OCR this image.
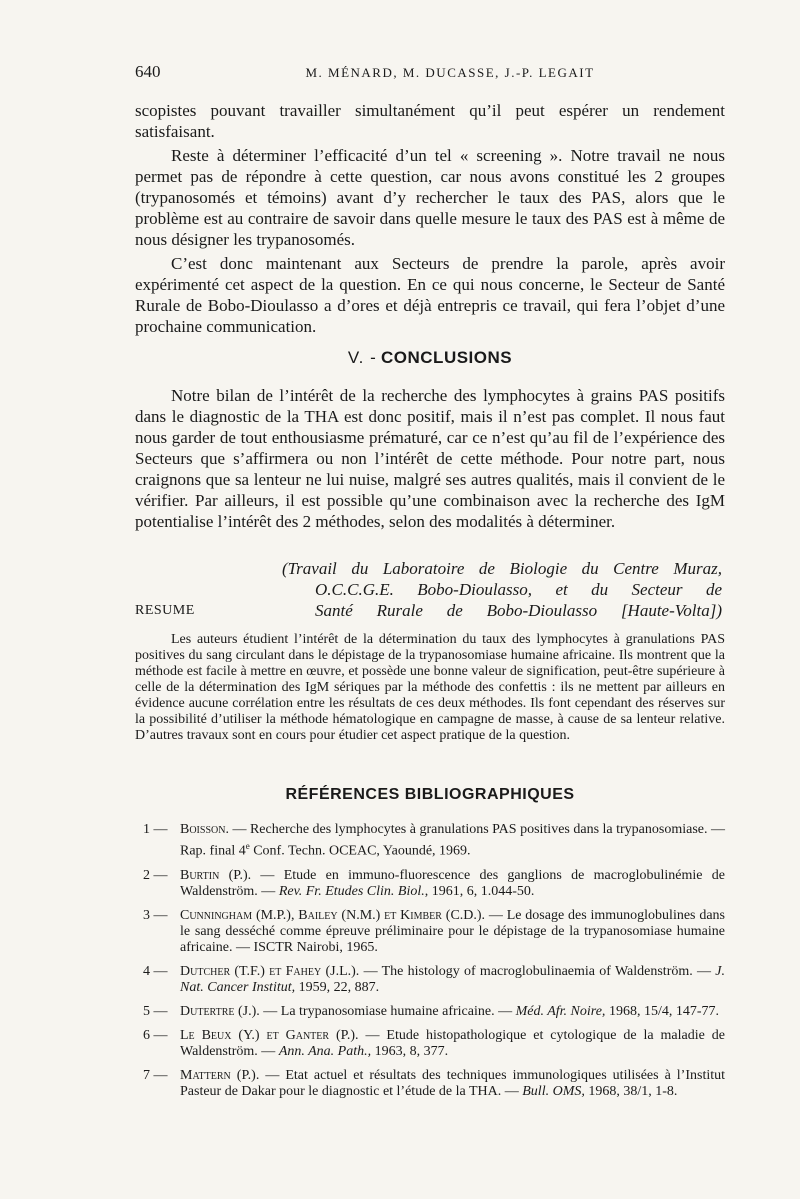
640	M. MÉNARD, M. DUCASSE, J.-P. LEGAIT

scopistes pouvant travailler simultanément qu’il peut espérer un rendement satisfaisant.

Reste à déterminer l’efficacité d’un tel « screening ». Notre travail ne nous permet pas de répondre à cette question, car nous avons constitué les 2 groupes (trypanosomés et témoins) avant d’y rechercher le taux des PAS, alors que le problème est au contraire de savoir dans quelle mesure le taux des PAS est à même de nous désigner les trypanosomés.

C’est donc maintenant aux Secteurs de prendre la parole, après avoir expérimenté cet aspect de la question. En ce qui nous concerne, le Secteur de Santé Rurale de Bobo-Dioulasso a d’ores et déjà entrepris ce travail, qui fera l’objet d’une prochaine communication.

V. - CONCLUSIONS

Notre bilan de l’intérêt de la recherche des lymphocytes à grains PAS positifs dans le diagnostic de la THA est donc positif, mais il n’est pas complet. Il nous faut nous garder de tout enthousiasme prématuré, car ce n’est qu’au fil de l’expérience des Secteurs que s’affirmera ou non l’intérêt de cette méthode. Pour notre part, nous craignons que sa lenteur ne lui nuise, malgré ses autres qualités, mais il convient de le vérifier. Par ailleurs, il est possible qu’une combinaison avec la recherche des IgM potentialise l’intérêt des 2 méthodes, selon des modalités à déterminer.

(Travail du Laboratoire de Biologie du Centre Muraz,
O.C.C.G.E. Bobo-Dioulasso, et du Secteur de
Santé Rurale de Bobo-Dioulasso [Haute-Volta])
RESUME

Les auteurs étudient l’intérêt de la détermination du taux des lymphocytes à granulations PAS positives du sang circulant dans le dépistage de la trypanosomiase humaine africaine. Ils montrent que la méthode est facile à mettre en œuvre, et possède une bonne valeur de signification, peut-être supérieure à celle de la détermination des IgM sériques par la méthode des confettis : ils ne mettent par ailleurs en évidence aucune corrélation entre les résultats de ces deux méthodes. Ils font cependant des réserves sur la possibilité d’utiliser la méthode hématologique en campagne de masse, à cause de sa lenteur relative. D’autres travaux sont en cours pour étudier cet aspect pratique de la question.

RÉFÉRENCES BIBLIOGRAPHIQUES
1 — Boisson. — Recherche des lymphocytes à granulations PAS positives dans la trypanosomiase. — Rap. final 4e Conf. Techn. OCEAC, Yaoundé, 1969.
2 — Burtin (P.). — Etude en immuno-fluorescence des ganglions de macroglobulinémie de Waldenström. — Rev. Fr. Etudes Clin. Biol., 1961, 6, 1.044-50.
3 — Cunningham (M.P.), Bailey (N.M.) et Kimber (C.D.). — Le dosage des immunoglobulines dans le sang desséché comme épreuve préliminaire pour le dépistage de la trypanosomiase humaine africaine. — ISCTR Nairobi, 1965.
4 — Dutcher (T.F.) et Fahey (J.L.). — The histology of macroglobulinaemia of Waldenström. — J. Nat. Cancer Institut, 1959, 22, 887.
5 — Dutertre (J.). — La trypanosomiase humaine africaine. — Méd. Afr. Noire, 1968, 15/4, 147-77.
6 — Le Beux (Y.) et Ganter (P.). — Etude histopathologique et cytologique de la maladie de Waldenström. — Ann. Ana. Path., 1963, 8, 377.
7 — Mattern (P.). — Etat actuel et résultats des techniques immunologiques utilisées à l’Institut Pasteur de Dakar pour le diagnostic et l’étude de la THA. — Bull. OMS, 1968, 38/1, 1-8.
